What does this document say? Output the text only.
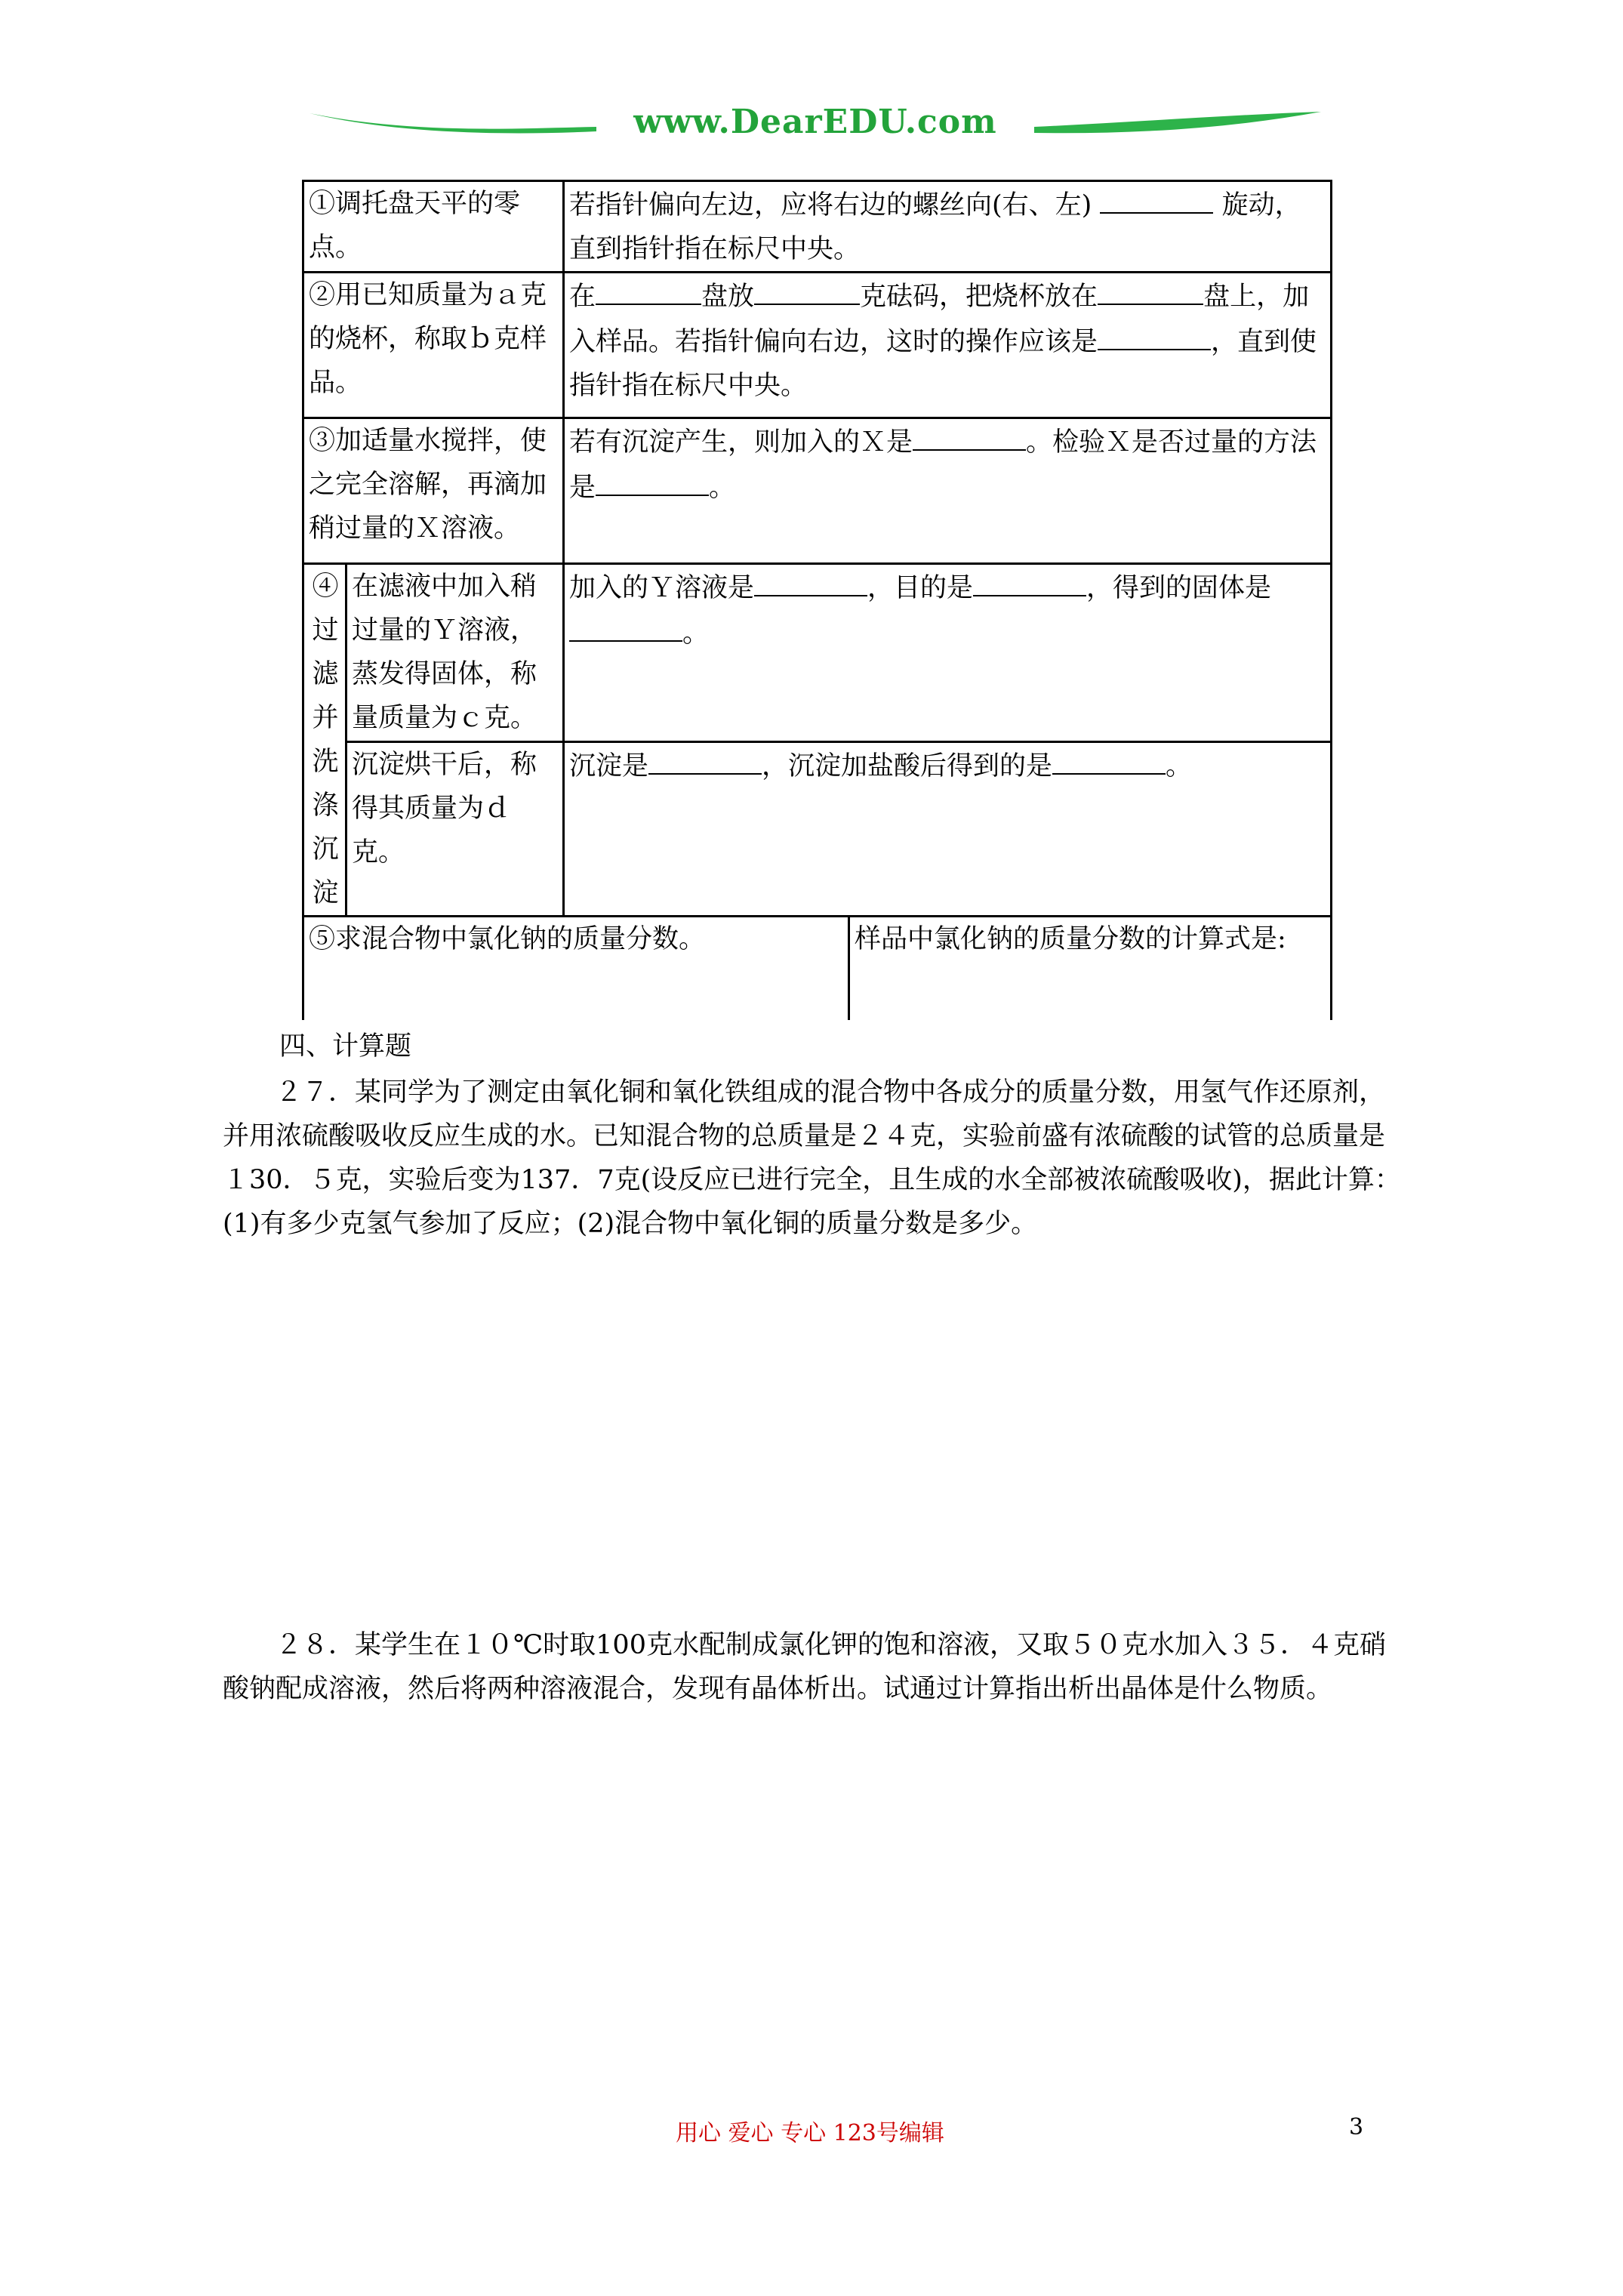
www.DearEDU.com
①调托盘天平的零点。		若指针偏向左边，应将右边的螺丝向(右、左) 旋动，直到指针指在标尺中央。	
②用已知质量为ａ克的烧杯，称取ｂ克样品。		在 盘放 克砝码，把烧杯放在 盘上，加入样品。若指针偏向右边，这时的操作应该是 ，直到使指针指在标尺中央。	
③加适量水搅拌，使之完全溶解，再滴加稍过量的Ｘ溶液。		若有沉淀产生，则加入的Ｘ是 。检验Ｘ是否过量的方法是 。	
④过滤并洗涤沉淀	在滤液中加入稍过量的Ｙ溶液，蒸发得固体，称量质量为ｃ克。	加入的Ｙ溶液是 ，目的是 ，得到的固体是。	
	沉淀烘干后，称得其质量为ｄ克。	沉淀是 ，沉淀加盐酸后得到的是 。	
⑤求混合物中氯化钠的质量分数。			样品中氯化钠的质量分数的计算式是:
四、计算题
２７．某同学为了测定由氧化铜和氧化铁组成的混合物中各成分的质量分数，用氢气作还原剂，并用浓硫酸吸收反应生成的水。已知混合物的总质量是２４克，实验前盛有浓硫酸的试管的总质量是１30．５克，实验后变为137．7克(设反应已进行完全，且生成的水全部被浓硫酸吸收)，据此计算：(1)有多少克氢气参加了反应；(2)混合物中氧化铜的质量分数是多少。
２８．某学生在１０℃时取100克水配制成氯化钾的饱和溶液，又取５０克水加入３５．４克硝酸钠配成溶液，然后将两种溶液混合，发现有晶体析出。试通过计算指出析出晶体是什么物质。
用心 爱心 专心 123号编辑	3
